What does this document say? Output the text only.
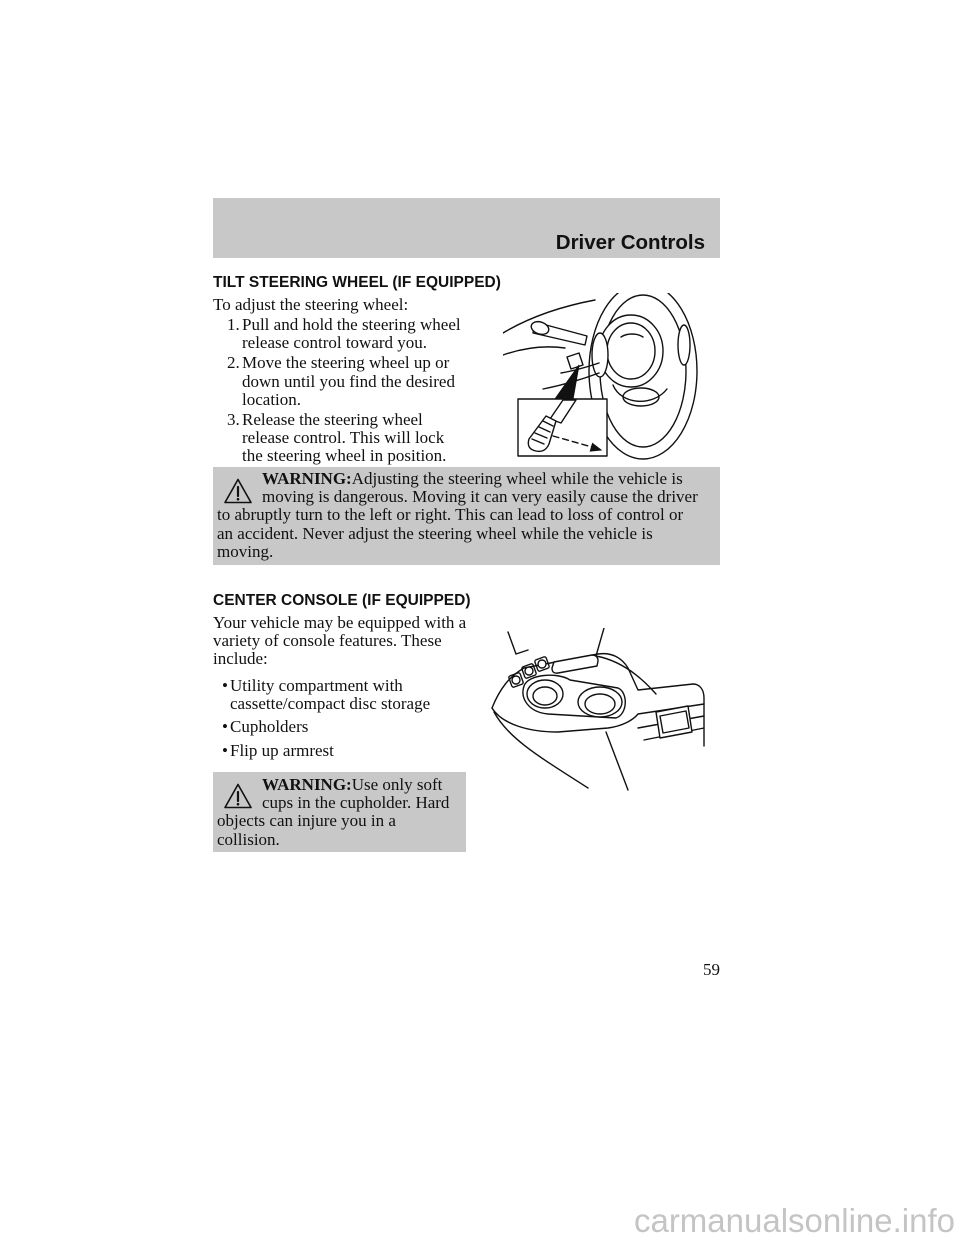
Driver Controls
TILT STEERING WHEEL (IF EQUIPPED)
To adjust the steering wheel:
1. Pull and hold the steering wheel
release control toward you.
2. Move the steering wheel up or
down until you find the desired
location.
3. Release the steering wheel
release control. This will lock
the steering wheel in position.
WARNING:Adjusting the steering wheel while the vehicle is
moving is dangerous. Moving it can very easily cause the driver
to abruptly turn to the left or right. This can lead to loss of control or
an accident. Never adjust the steering wheel while the vehicle is
moving.
CENTER CONSOLE (IF EQUIPPED)
Your vehicle may be equipped with a
variety of console features. These
include:
• Utility compartment with
cassette/compact disc storage
• Cupholders
• Flip up armrest
WARNING:Use only soft
cups in the cupholder. Hard
objects can injure you in a
collision.
59
carmanualsonline.info
